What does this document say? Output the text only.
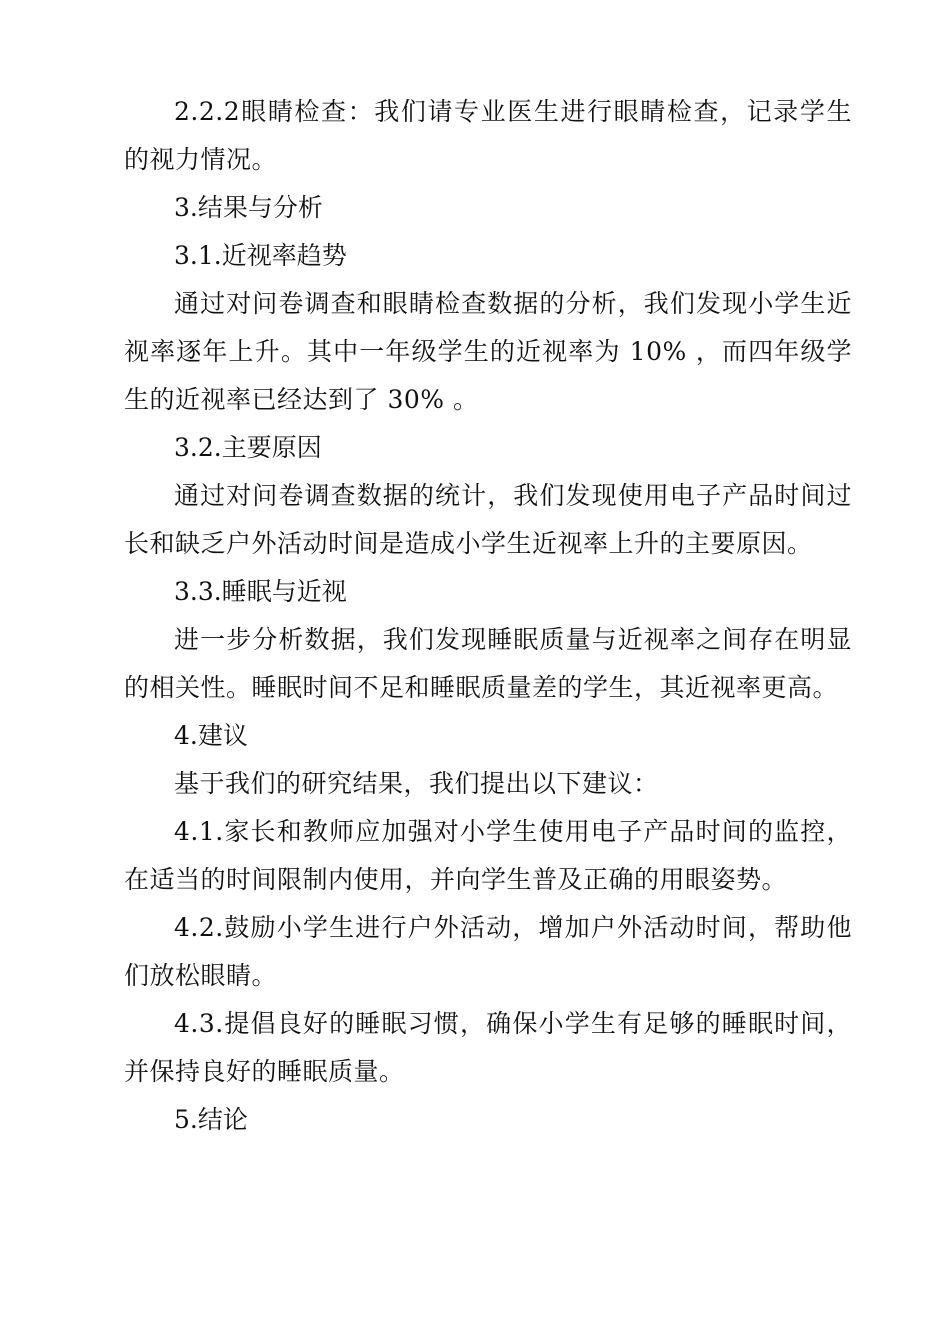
2.2.2眼睛检查：我们请专业医生进行眼睛检查，记录学生的视力情况。

3.结果与分析

3.1.近视率趋势

通过对问卷调查和眼睛检查数据的分析，我们发现小学生近视率逐年上升。其中一年级学生的近视率为 10% ，而四年级学生的近视率已经达到了 30% 。

3.2.主要原因

通过对问卷调查数据的统计，我们发现使用电子产品时间过长和缺乏户外活动时间是造成小学生近视率上升的主要原因。

3.3.睡眠与近视

进一步分析数据，我们发现睡眠质量与近视率之间存在明显的相关性。睡眠时间不足和睡眠质量差的学生，其近视率更高。

4.建议

基于我们的研究结果，我们提出以下建议：

4.1.家长和教师应加强对小学生使用电子产品时间的监控，在适当的时间限制内使用，并向学生普及正确的用眼姿势。

4.2.鼓励小学生进行户外活动，增加户外活动时间，帮助他们放松眼睛。

4.3.提倡良好的睡眠习惯，确保小学生有足够的睡眠时间，并保持良好的睡眠质量。

5.结论
